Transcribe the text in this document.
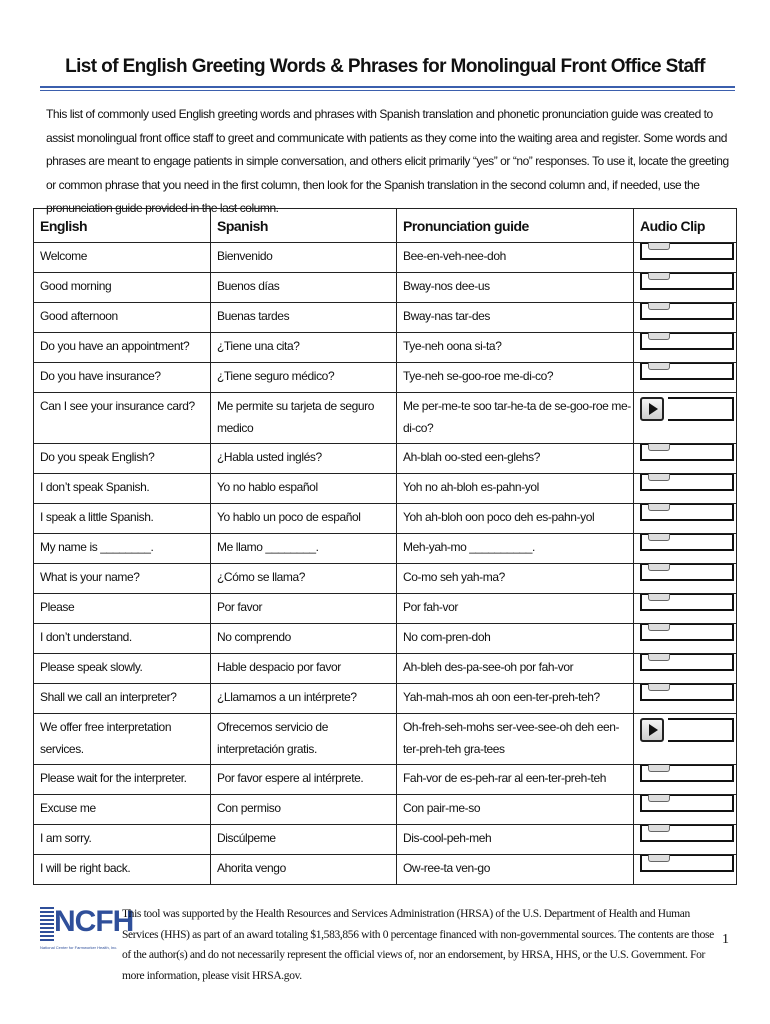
List of English Greeting Words & Phrases for Monolingual Front Office Staff
This list of commonly used English greeting words and phrases with Spanish translation and phonetic pronunciation guide was created to assist monolingual front office staff to greet and communicate with patients as they come into the waiting area and register. Some words and phrases are meant to engage patients in simple conversation, and others elicit primarily “yes” or “no” responses. To use it, locate the greeting or common phrase that you need in the first column, then look for the Spanish translation in the second column and, if needed, use the pronunciation guide provided in the last column.
English	Spanish	Pronunciation guide	Audio Clip
Welcome	Bienvenido	Bee-en-veh-nee-doh	

Good morning	Buenos días	Bway-nos dee-us	

Good afternoon	Buenas tardes	Bway-nas tar-des	

Do you have an appointment?	¿Tiene una cita?	Tye-neh oona si-ta?	

Do you have insurance?	¿Tiene seguro médico?	Tye-neh se-goo-roe me-di-co?	

Can I see your insurance card?	Me permite su tarjeta de seguro medico	Me per-me-te soo tar-he-ta de se-goo-roe me-di-co?	

Do you speak English?	¿Habla usted inglés?	Ah-blah oo-sted een-glehs?	

I don’t speak Spanish.	Yo no hablo español	Yoh no ah-bloh es-pahn-yol	

I speak a little Spanish.	Yo hablo un poco de español	Yoh ah-bloh oon poco deh es-pahn-yol	

My name is ________.	Me llamo ________.	Meh-yah-mo __________.	

What is your name?	¿Cómo se llama?	Co-mo seh yah-ma?	

Please	Por favor	Por fah-vor	

I don’t understand.	No comprendo	No com-pren-doh	

Please speak slowly.	Hable despacio por favor	Ah-bleh des-pa-see-oh por fah-vor	

Shall we call an interpreter?	¿Llamamos a un intérprete?	Yah-mah-mos ah oon een-ter-preh-teh?	

We offer free interpretation services.	Ofrecemos servicio de interpretación gratis.	Oh-freh-seh-mohs ser-vee-see-oh deh een-ter-preh-teh gra-tees	

Please wait for the interpreter.	Por favor espere al intérprete.	Fah-vor de es-peh-rar al een-ter-preh-teh	

Excuse me	Con permiso	Con pair-me-so	

I am sorry.	Discúlpeme	Dis-cool-peh-meh	

I will be right back.	Ahorita vengo	Ow-ree-ta ven-go	
NCFH
National Center for Farmworker Health, Inc.
This tool was supported by the Health Resources and Services Administration (HRSA) of the U.S. Department of Health and Human Services (HHS) as part of an award totaling $1,583,856 with 0 percentage financed with non-governmental sources. The contents are those of the author(s) and do not necessarily represent the official views of, nor an endorsement, by HRSA, HHS, or the U.S. Government. For more information, please visit HRSA.gov.
1
